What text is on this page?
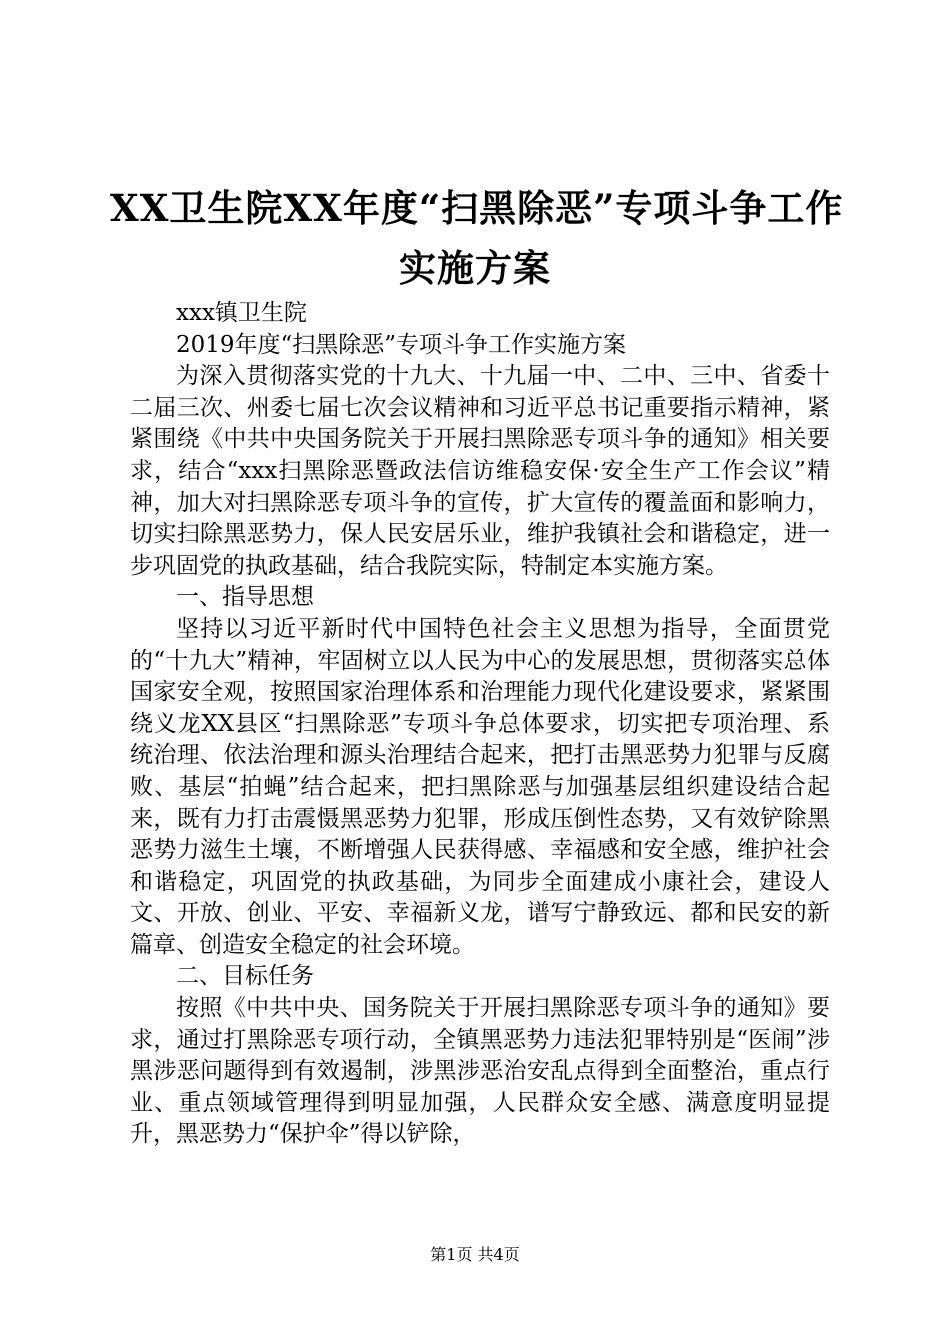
XX卫生院XX年度“扫黑除恶”专项斗争工作
实施方案

xxx镇卫生院

2019年度“扫黑除恶”专项斗争工作实施方案

为深入贯彻落实党的十九大、十九届一中、二中、三中、省委十二届三次、州委七届七次会议精神和习近平总书记重要指示精神，紧紧围绕《中共中央国务院关于开展扫黑除恶专项斗争的通知》相关要求，结合“xxx扫黑除恶暨政法信访维稳安保·安全生产工作会议”精神，加大对扫黑除恶专项斗争的宣传，扩大宣传的覆盖面和影响力，切实扫除黑恶势力，保人民安居乐业，维护我镇社会和谐稳定，进一步巩固党的执政基础，结合我院实际，特制定本实施方案。

一、指导思想

坚持以习近平新时代中国特色社会主义思想为指导，全面贯党的“十九大”精神，牢固树立以人民为中心的发展思想，贯彻落实总体国家安全观，按照国家治理体系和治理能力现代化建设要求，紧紧围绕义龙XX县区“扫黑除恶”专项斗争总体要求，切实把专项治理、系统治理、依法治理和源头治理结合起来，把打击黑恶势力犯罪与反腐败、基层“拍蝇”结合起来，把扫黑除恶与加强基层组织建设结合起来，既有力打击震慑黑恶势力犯罪，形成压倒性态势，又有效铲除黑恶势力滋生土壤，不断增强人民获得感、幸福感和安全感，维护社会和谐稳定，巩固党的执政基础，为同步全面建成小康社会，建设人文、开放、创业、平安、幸福新义龙，谱写宁静致远、都和民安的新篇章、创造安全稳定的社会环境。

二、目标任务

按照《中共中央、国务院关于开展扫黑除恶专项斗争的通知》要求，通过打黑除恶专项行动，全镇黑恶势力违法犯罪特别是“医闹”涉黑涉恶问题得到有效遏制，涉黑涉恶治安乱点得到全面整治，重点行业、重点领域管理得到明显加强，人民群众安全感、满意度明显提升，黑恶势力“保护伞”得以铲除，

第1页 共4页
